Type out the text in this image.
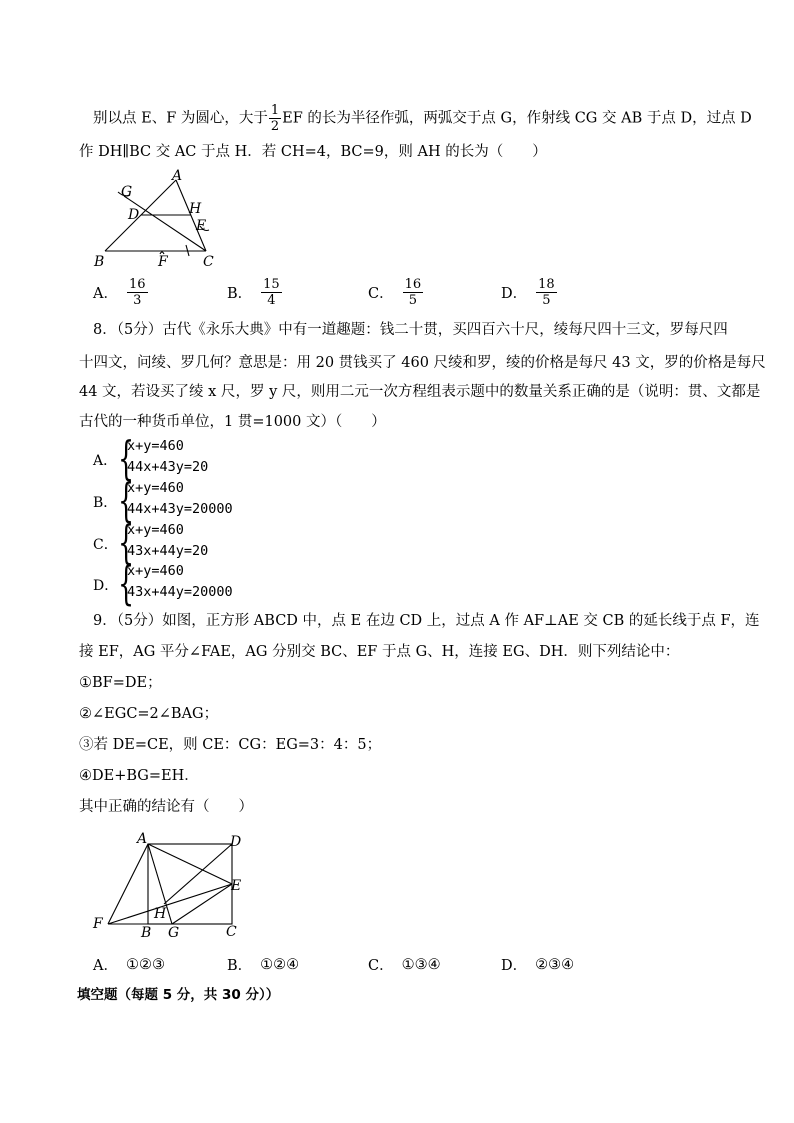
别以点 E、F 为圆心，大于 $\frac{1}{2}$ EF 的长为半径作弧，两弧交于点 G，作射线 CG 交 AB 于点 D，过点 D
作 DH∥BC 交 AC 于点 H．若 CH=4，BC=9，则 AH 的长为（　　）
B	C
A
D	H
E
F
G
A． $\frac{16}{3}$	B． $\frac{15}{4}$	C． $\frac{16}{5}$	D． $\frac{18}{5}$
8．（5分）古代《永乐大典》中有一道趣题：钱二十贯，买四百六十尺，绫每尺四十三文，罗每尺四
十四文，问绫、罗几何？意思是：用 20 贯钱买了 460 尺绫和罗，绫的价格是每尺 43 文，罗的价格是每尺
44 文，若设买了绫 x 尺，罗 y 尺，则用二元一次方程组表示题中的数量关系正确的是（说明：贯、文都是
古代的一种货币单位，1 贯=1000 文）（　　）
A． {
x+y=460
44x+43y=20
B． {
x+y=460
44x+43y=20000
C． {
x+y=460
43x+44y=20
D． {
x+y=460
43x+44y=20000
9．（5分）如图，正方形 ABCD 中，点 E 在边 CD 上，过点 A 作 AF⊥AE 交 CB 的延长线于点 F，连
接 EF，AG 平分∠FAE，AG 分别交 BC、EF 于点 G、H，连接 EG、DH．则下列结论中：
①BF=DE；
②∠EGC=2∠BAG；
③若 DE=CE，则 CE：CG：EG=3：4：5；
④DE+BG=EH．
其中正确的结论有（　　）
A	D
E
F
B G
H
C
A． ①②③	B． ①②④	C． ①③④	D． ②③④
填空题（每题 5 分，共 30 分））
